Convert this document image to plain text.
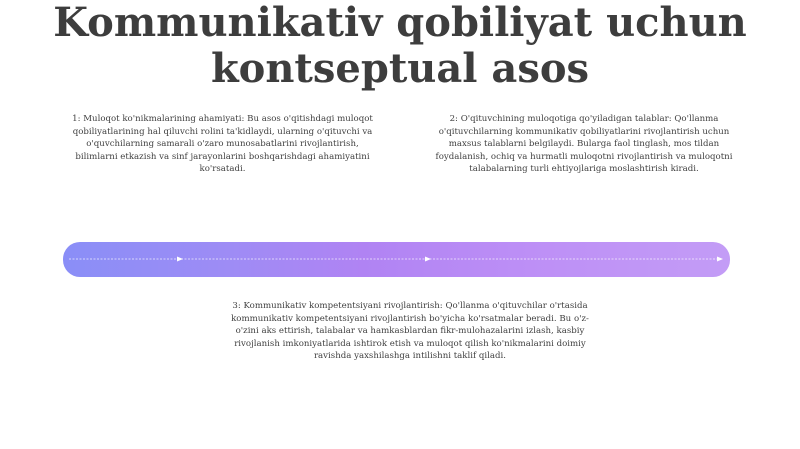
Kommunikativ qobiliyat uchun kontseptual asos
1: Muloqot ko'nikmalarining ahamiyati: Bu asos o'qitishdagi muloqot qobiliyatlarining hal qiluvchi rolini ta'kidlaydi, ularning o'qituvchi va o'quvchilarning samarali o'zaro munosabatlarini rivojlantirish, bilimlarni etkazish va sinf jarayonlarini boshqarishdagi ahamiyatini ko'rsatadi.
2: O'qituvchining muloqotiga qo'yiladigan talablar: Qo'llanma o'qituvchilarning kommunikativ qobiliyatlarini rivojlantirish uchun maxsus talablarni belgilaydi. Bularga faol tinglash, mos tildan foydalanish, ochiq va hurmatli muloqotni rivojlantirish va muloqotni talabalarning turli ehtiyojlariga moslashtirish kiradi.
3: Kommunikativ kompetentsiyani rivojlantirish: Qo'llanma o'qituvchilar o'rtasida kommunikativ kompetentsiyani rivojlantirish bo'yicha ko'rsatmalar beradi. Bu o'z-o'zini aks ettirish, talabalar va hamkasblardan fikr-mulohazalarini izlash, kasbiy rivojlanish imkoniyatlarida ishtirok etish va muloqot qilish ko'nikmalarini doimiy ravishda yaxshilashga intilishni taklif qiladi.
